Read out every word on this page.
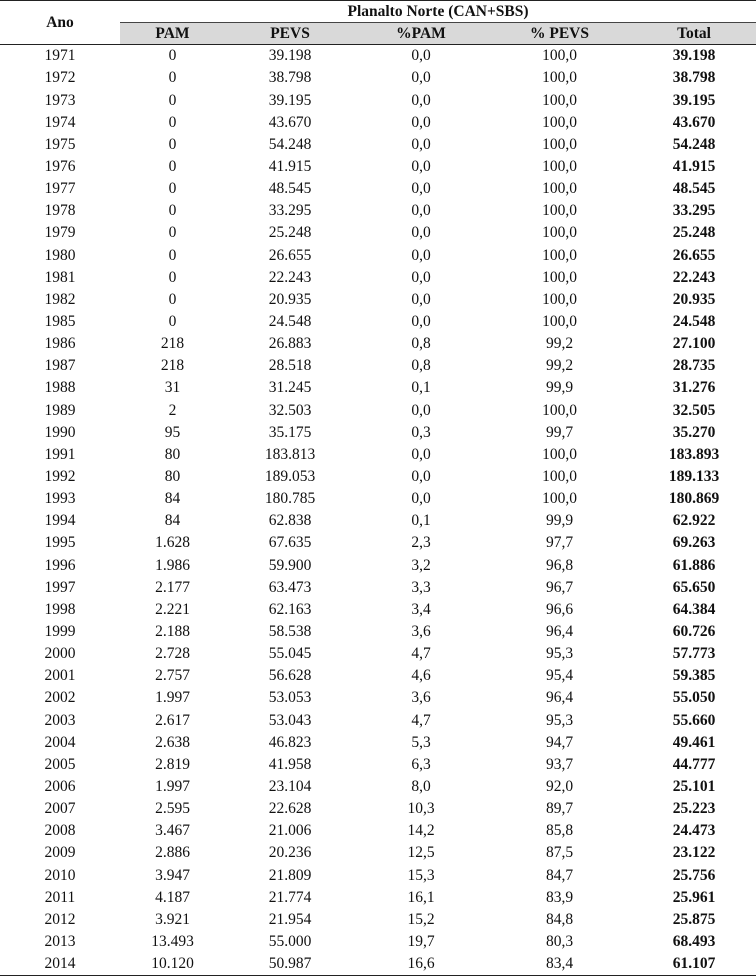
Ano	Planalto Norte (CAN+SBS)				
	PAM	PEVS	%PAM	% PEVS	Total
1971	0	39.198	0,0	100,0	39.198
1972	0	38.798	0,0	100,0	38.798
1973	0	39.195	0,0	100,0	39.195
1974	0	43.670	0,0	100,0	43.670
1975	0	54.248	0,0	100,0	54.248
1976	0	41.915	0,0	100,0	41.915
1977	0	48.545	0,0	100,0	48.545
1978	0	33.295	0,0	100,0	33.295
1979	0	25.248	0,0	100,0	25.248
1980	0	26.655	0,0	100,0	26.655
1981	0	22.243	0,0	100,0	22.243
1982	0	20.935	0,0	100,0	20.935
1985	0	24.548	0,0	100,0	24.548
1986	218	26.883	0,8	99,2	27.100
1987	218	28.518	0,8	99,2	28.735
1988	31	31.245	0,1	99,9	31.276
1989	2	32.503	0,0	100,0	32.505
1990	95	35.175	0,3	99,7	35.270
1991	80	183.813	0,0	100,0	183.893
1992	80	189.053	0,0	100,0	189.133
1993	84	180.785	0,0	100,0	180.869
1994	84	62.838	0,1	99,9	62.922
1995	1.628	67.635	2,3	97,7	69.263
1996	1.986	59.900	3,2	96,8	61.886
1997	2.177	63.473	3,3	96,7	65.650
1998	2.221	62.163	3,4	96,6	64.384
1999	2.188	58.538	3,6	96,4	60.726
2000	2.728	55.045	4,7	95,3	57.773
2001	2.757	56.628	4,6	95,4	59.385
2002	1.997	53.053	3,6	96,4	55.050
2003	2.617	53.043	4,7	95,3	55.660
2004	2.638	46.823	5,3	94,7	49.461
2005	2.819	41.958	6,3	93,7	44.777
2006	1.997	23.104	8,0	92,0	25.101
2007	2.595	22.628	10,3	89,7	25.223
2008	3.467	21.006	14,2	85,8	24.473
2009	2.886	20.236	12,5	87,5	23.122
2010	3.947	21.809	15,3	84,7	25.756
2011	4.187	21.774	16,1	83,9	25.961
2012	3.921	21.954	15,2	84,8	25.875
2013	13.493	55.000	19,7	80,3	68.493
2014	10.120	50.987	16,6	83,4	61.107
